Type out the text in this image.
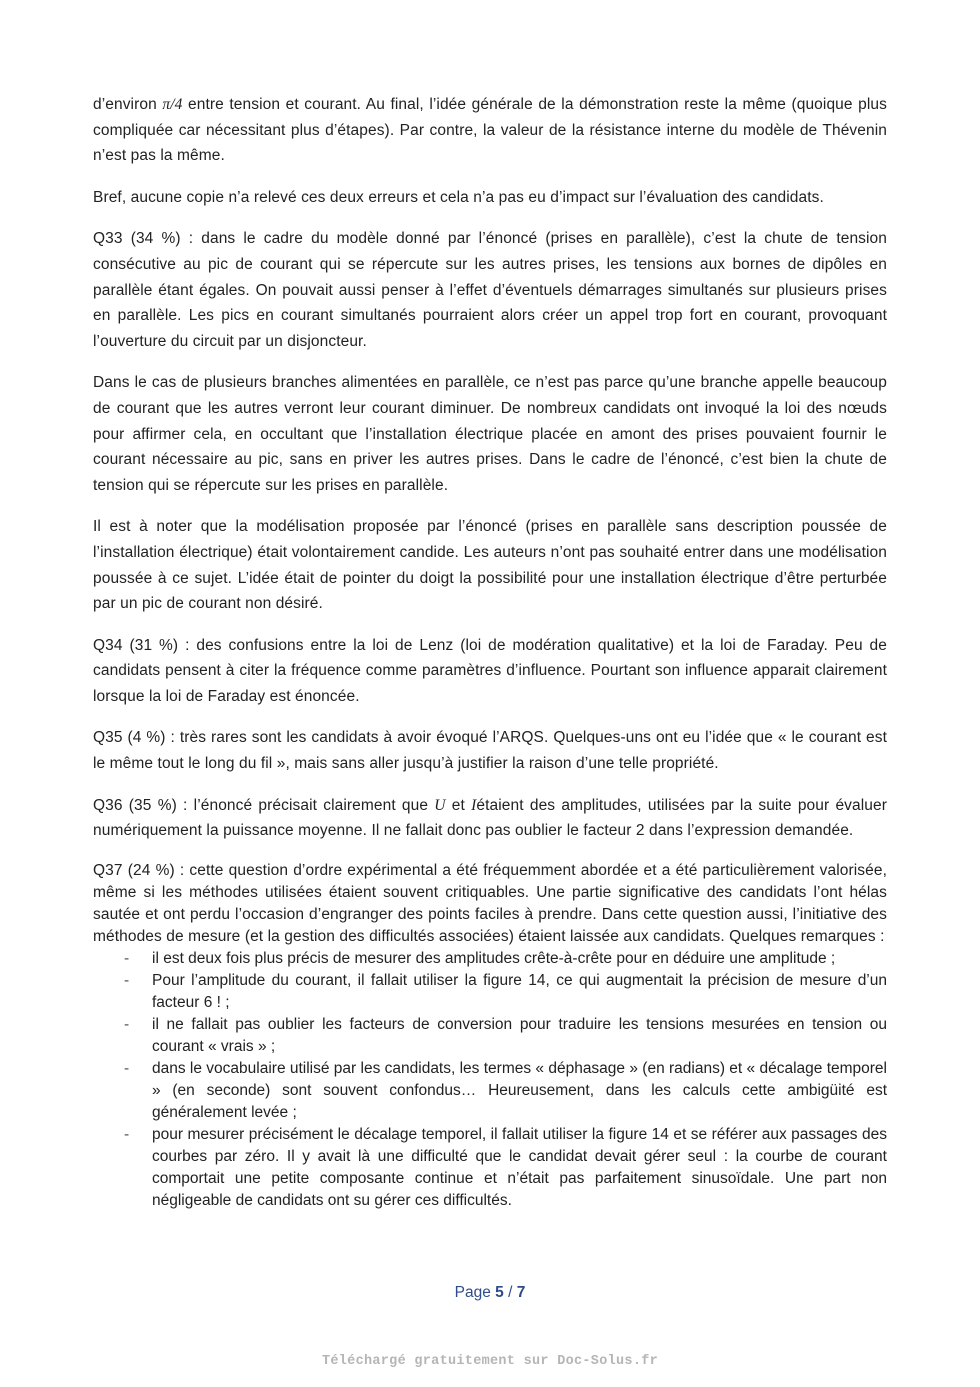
d’environ π/4 entre tension et courant. Au final, l’idée générale de la démonstration reste la même (quoique plus compliquée car nécessitant plus d’étapes). Par contre, la valeur de la résistance interne du modèle de Thévenin n’est pas la même.

Bref, aucune copie n’a relevé ces deux erreurs et cela n’a pas eu d’impact sur l’évaluation des candidats.

Q33 (34 %) : dans le cadre du modèle donné par l’énoncé (prises en parallèle), c’est la chute de tension consécutive au pic de courant qui se répercute sur les autres prises, les tensions aux bornes de dipôles en parallèle étant égales. On pouvait aussi penser à l’effet d’éventuels démarrages simultanés sur plusieurs prises en parallèle. Les pics en courant simultanés pourraient alors créer un appel trop fort en courant, provoquant l’ouverture du circuit par un disjoncteur.

Dans le cas de plusieurs branches alimentées en parallèle, ce n’est pas parce qu’une branche appelle beaucoup de courant que les autres verront leur courant diminuer. De nombreux candidats ont invoqué la loi des nœuds pour affirmer cela, en occultant que l’installation électrique placée en amont des prises pouvaient fournir le courant nécessaire au pic, sans en priver les autres prises. Dans le cadre de l’énoncé, c’est bien la chute de tension qui se répercute sur les prises en parallèle.

Il est à noter que la modélisation proposée par l’énoncé (prises en parallèle sans description poussée de l’installation électrique) était volontairement candide. Les auteurs n’ont pas souhaité entrer dans une modélisation poussée à ce sujet. L’idée était de pointer du doigt la possibilité pour une installation électrique d’être perturbée par un pic de courant non désiré.

Q34 (31 %) : des confusions entre la loi de Lenz (loi de modération qualitative) et la loi de Faraday. Peu de candidats pensent à citer la fréquence comme paramètres d’influence. Pourtant son influence apparait clairement lorsque la loi de Faraday est énoncée.

Q35 (4 %) : très rares sont les candidats à avoir évoqué l’ARQS. Quelques-uns ont eu l’idée que « le courant est le même tout le long du fil », mais sans aller jusqu’à justifier la raison d’une telle propriété.

Q36 (35 %) : l’énoncé précisait clairement que U et Iétaient des amplitudes, utilisées par la suite pour évaluer numériquement la puissance moyenne. Il ne fallait donc pas oublier le facteur 2 dans l’expression demandée.

Q37 (24 %) : cette question d’ordre expérimental a été fréquemment abordée et a été particulièrement valorisée, même si les méthodes utilisées étaient souvent critiquables. Une partie significative des candidats l’ont hélas sautée et ont perdu l’occasion d’engranger des points faciles à prendre. Dans cette question aussi, l’initiative des méthodes de mesure (et la gestion des difficultés associées) étaient laissée aux candidats. Quelques remarques :

- il est deux fois plus précis de mesurer des amplitudes crête-à-crête pour en déduire une amplitude ;
- Pour l’amplitude du courant, il fallait utiliser la figure 14, ce qui augmentait la précision de mesure d’un facteur 6 ! ;
- il ne fallait pas oublier les facteurs de conversion pour traduire les tensions mesurées en tension ou courant « vrais » ;
- dans le vocabulaire utilisé par les candidats, les termes « déphasage » (en radians) et « décalage temporel » (en seconde) sont souvent confondus… Heureusement, dans les calculs cette ambigüité est généralement levée ;
- pour mesurer précisément le décalage temporel, il fallait utiliser la figure 14 et se référer aux passages des courbes par zéro. Il y avait là une difficulté que le candidat devait gérer seul : la courbe de courant comportait une petite composante continue et n’était pas parfaitement sinusoïdale. Une part non négligeable de candidats ont su gérer ces difficultés.
Page 5 / 7
Téléchargé gratuitement sur Doc-Solus.fr
